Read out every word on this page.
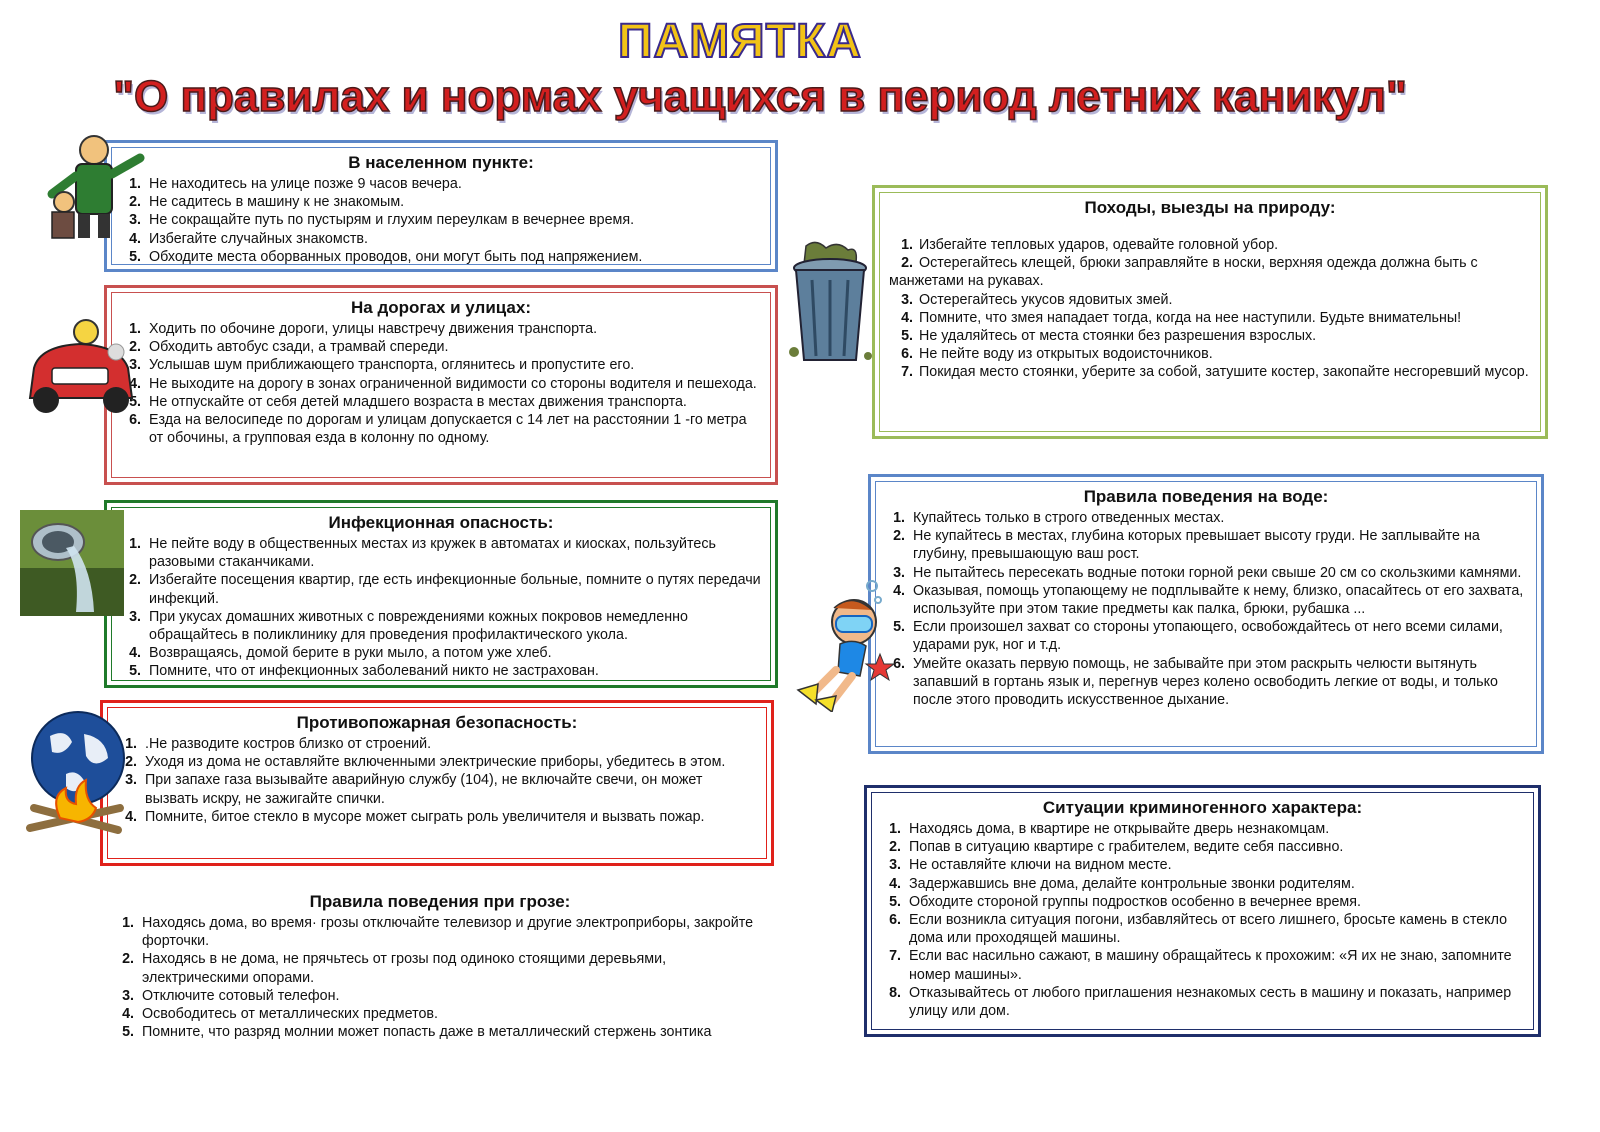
ПАМЯТКА
"О правилах и нормах учащихся в период летних каникул"
В населенном пункте:
1. Не находитесь на улице позже 9 часов вечера.
2. Не садитесь в машину к не знакомым.
3. Не сокращайте путь по пустырям и глухим переулкам в вечернее время.
4. Избегайте случайных знакомств.
5. Обходите места оборванных проводов, они могут быть под напряжением.
На дорогах и улицах:
1. Ходить по обочине дороги, улицы навстречу движения транспорта.
2. Обходить автобус сзади, а трамвай спереди.
3. Услышав шум приближающего транспорта, оглянитесь и пропустите его.
4. Не выходите на дорогу в зонах ограниченной видимости со стороны водителя и пешехода.
5. Не отпускайте от себя детей младшего возраста в местах движения транспорта.
6. Езда на велосипеде по дорогам и улицам допускается с 14 лет на расстоянии 1 -го метра от обочины, а групповая езда в колонну по одному.
Инфекционная опасность:
1. Не пейте воду в общественных местах из кружек в автоматах и киосках, пользуйтесь разовыми стаканчиками.
2. Избегайте посещения квартир, где есть инфекционные больные, помните о путях передачи инфекций.
3. При укусах домашних животных с повреждениями кожных покровов немедленно обращайтесь в поликлинику для проведения профилактического укола.
4. Возвращаясь, домой берите в руки мыло, а потом уже хлеб.
5. Помните, что от инфекционных заболеваний никто не застрахован.
Противопожарная безопасность:
1. .Не разводите костров близко от строений.
2. Уходя из дома не оставляйте включенными электрические приборы, убедитесь в этом.
3. При запахе газа вызывайте аварийную службу (104), не включайте свечи, он может вызвать искру, не зажигайте спички.
4. Помните, битое стекло в мусоре может сыграть роль увеличителя и вызвать пожар.
Правила поведения при грозе:
1. Находясь дома, во время· грозы отключайте телевизор и другие электроприборы, закройте форточки.
2. Находясь в не дома, не прячьтесь от грозы под одиноко стоящими деревьями, электрическими опорами.
3. Отключите сотовый телефон.
4. Освободитесь от металлических предметов.
5. Помните, что разряд молнии может попасть даже в металлический стержень зонтика
Походы, выезды на природу:

1. Избегайте тепловых ударов, одевайте головной убор.

2. Остерегайтесь клещей, брюки заправляйте в носки, верхняя одежда должна быть с манжетами на рукавах.

3. Остерегайтесь укусов ядовитых змей.

4. Помните, что змея нападает тогда, когда на нее наступили. Будьте внимательны!

5. Не удаляйтесь от места стоянки без разрешения взрослых.

6. Не пейте воду из открытых водоисточников.

7. Покидая место стоянки, уберите за собой, затушите костер, закопайте несгоревший мусор.

Правила поведения на воде:
1. Купайтесь только в строго отведенных местах.
2. Не купайтесь в местах, глубина которых превышает высоту груди. Не заплывайте на глубину, превышающую ваш рост.
3. Не пытайтесь пересекать водные потоки горной реки свыше 20 см со скользкими камнями.
4. Оказывая, помощь утопающему не подплывайте к нему, близко, опасайтесь от его захвата, используйте при этом такие предметы как палка, брюки, рубашка ...
5. Если произошел захват со стороны утопающего, освобождайтесь от него всеми силами, ударами рук, ног и т.д.
6. Умейте оказать первую помощь, не забывайте при этом раскрыть челюсти вытянуть запавший в гортань язык и, перегнув через колено освободить легкие от воды, и только после этого проводить искусственное дыхание.
Ситуации криминогенного характера:
1. Находясь дома, в квартире не открывайте дверь незнакомцам.
2. Попав в ситуацию квартире с грабителем, ведите себя пассивно.
3. Не оставляйте ключи на видном месте.
4. Задержавшись вне дома, делайте контрольные звонки родителям.
5. Обходите стороной группы подростков особенно в вечернее время.
6. Если возникла ситуация погони, избавляйтесь от всего лишнего, бросьте камень в стекло дома или проходящей машины.
7. Если вас насильно сажают, в машину обращайтесь к прохожим: «Я их не знаю, запомните номер машины».
8. Отказывайтесь от любого приглашения незнакомых сесть в машину и показать, например улицу или дом.
